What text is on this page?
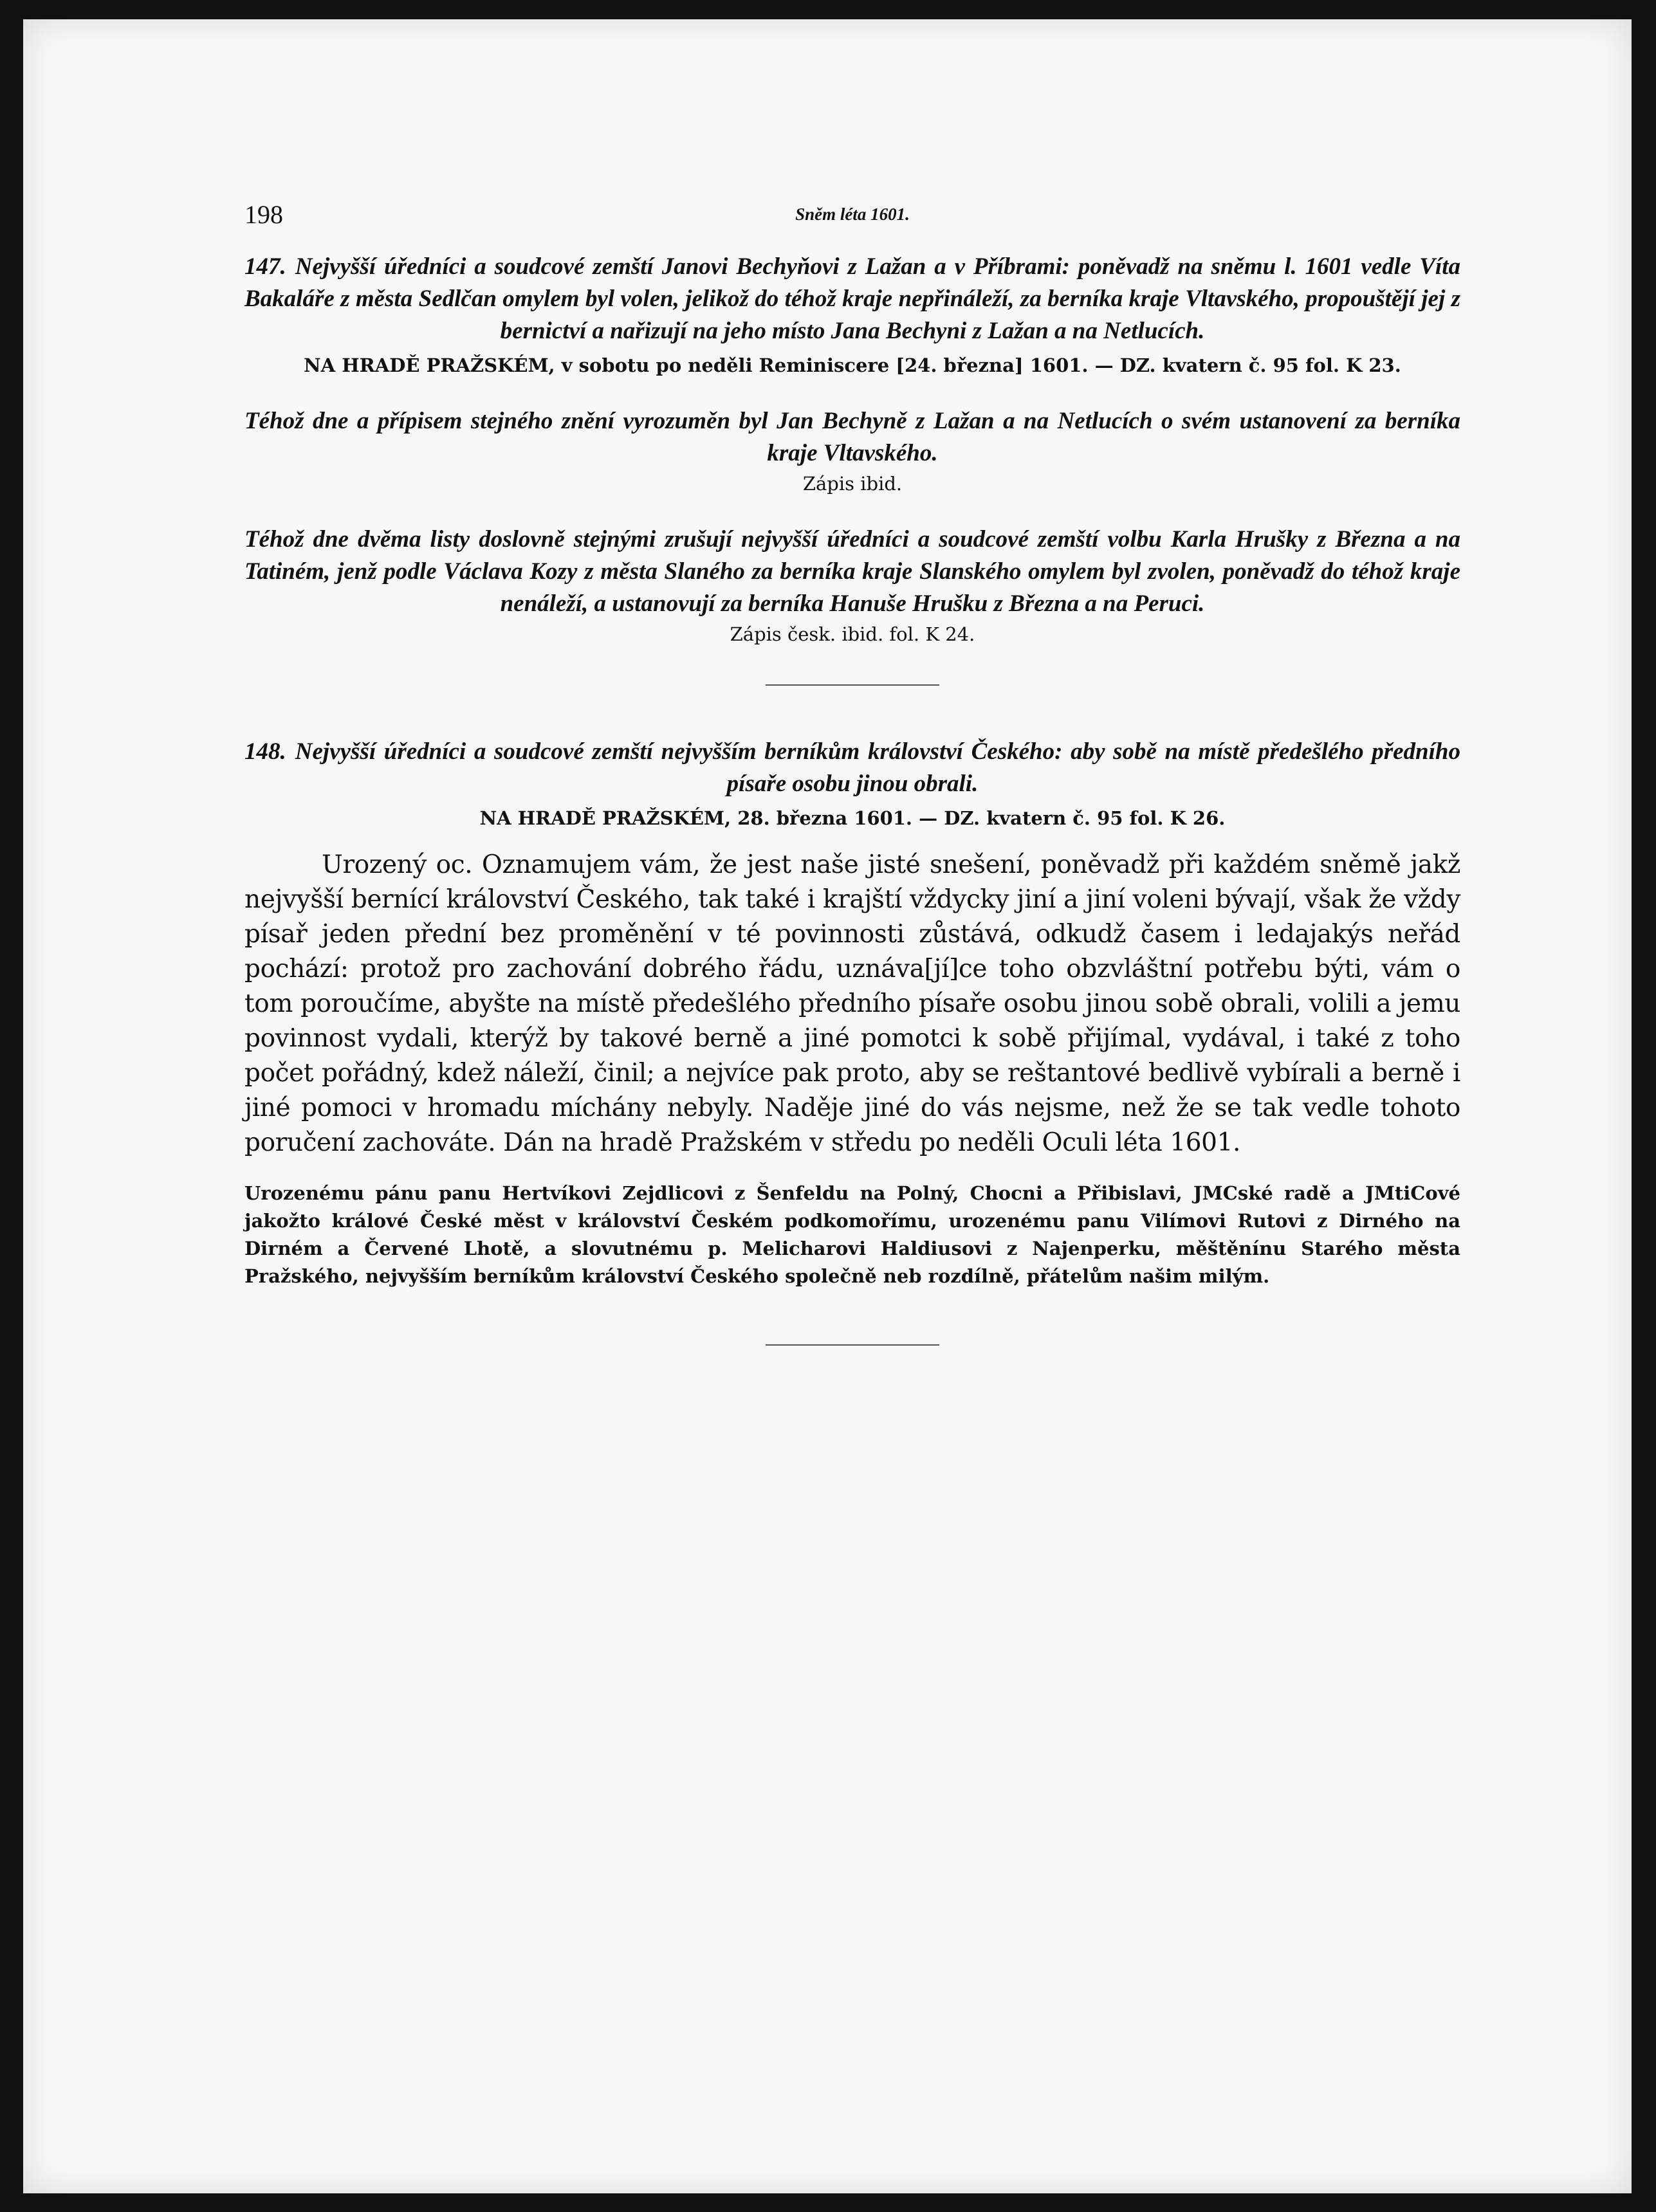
198	Sněm léta 1601.
147. Nejvyšší úředníci a soudcové zemští Janovi Bechyňovi z Lažan a v Příbrami: poněvadž na sněmu l. 1601 vedle Víta Bakaláře z města Sedlčan omylem byl volen, jelikož do téhož kraje nepřináleží, za berníka kraje Vltavského, propouštějí jej z bernictví a nařizují na jeho místo Jana Bechyni z Lažan a na Netlucích.
NA HRADĚ PRAŽSKÉM, v sobotu po neděli Reminiscere [24. března] 1601. — DZ. kvatern č. 95 fol. K 23.
Téhož dne a přípisem stejného znění vyrozuměn byl Jan Bechyně z Lažan a na Netlucích o svém ustanovení za berníka kraje Vltavského.
Zápis ibid.
Téhož dne dvěma listy doslovně stejnými zrušují nejvyšší úředníci a soudcové zemští volbu Karla Hrušky z Března a na Tatiném, jenž podle Václava Kozy z města Slaného za berníka kraje Slanského omylem byl zvolen, poněvadž do téhož kraje nenáleží, a ustanovují za berníka Hanuše Hrušku z Března a na Peruci.
Zápis česk. ibid. fol. K 24.
148. Nejvyšší úředníci a soudcové zemští nejvyšším berníkům království Českého: aby sobě na místě předešlého předního písaře osobu jinou obrali.
NA HRADĚ PRAŽSKÉM, 28. března 1601. — DZ. kvatern č. 95 fol. K 26.
Urozený oc. Oznamujem vám, že jest naše jisté snešení, poněvadž při každém sněmě jakž nejvyšší bernící království Českého, tak také i krajští vždycky jiní a jiní voleni bývají, však že vždy písař jeden přední bez proměnění v té povinnosti zůstává, odkudž časem i ledajakýs neřád pochází: protož pro zachování dobrého řádu, uznáva[jí]ce toho obzvláštní potřebu býti, vám o tom poroučíme, abyšte na místě předešlého předního písaře osobu jinou sobě obrali, volili a jemu povinnost vydali, kterýž by takové berně a jiné pomotci k sobě přijímal, vydával, i také z toho počet pořádný, kdež náleží, činil; a nejvíce pak proto, aby se reštantové bedlivě vybírali a berně i jiné pomoci v hromadu míchány nebyly. Naděje jiné do vás nejsme, než že se tak vedle tohoto poručení zachováte. Dán na hradě Pražském v středu po neděli Oculi léta 1601.
Urozenému pánu panu Hertvíkovi Zejdlicovi z Šenfeldu na Polný, Chocni a Přibislavi, JMCské radě a JMtiCové jakožto králové České měst v království Českém podkomořímu, urozenému panu Vilímovi Rutovi z Dirného na Dirném a Červené Lhotě, a slovutnému p. Melicharovi Haldiusovi z Najenperku, měštěnínu Starého města Pražského, nejvyšším berníkům království Českého společně neb rozdílně, přátelům našim milým.
